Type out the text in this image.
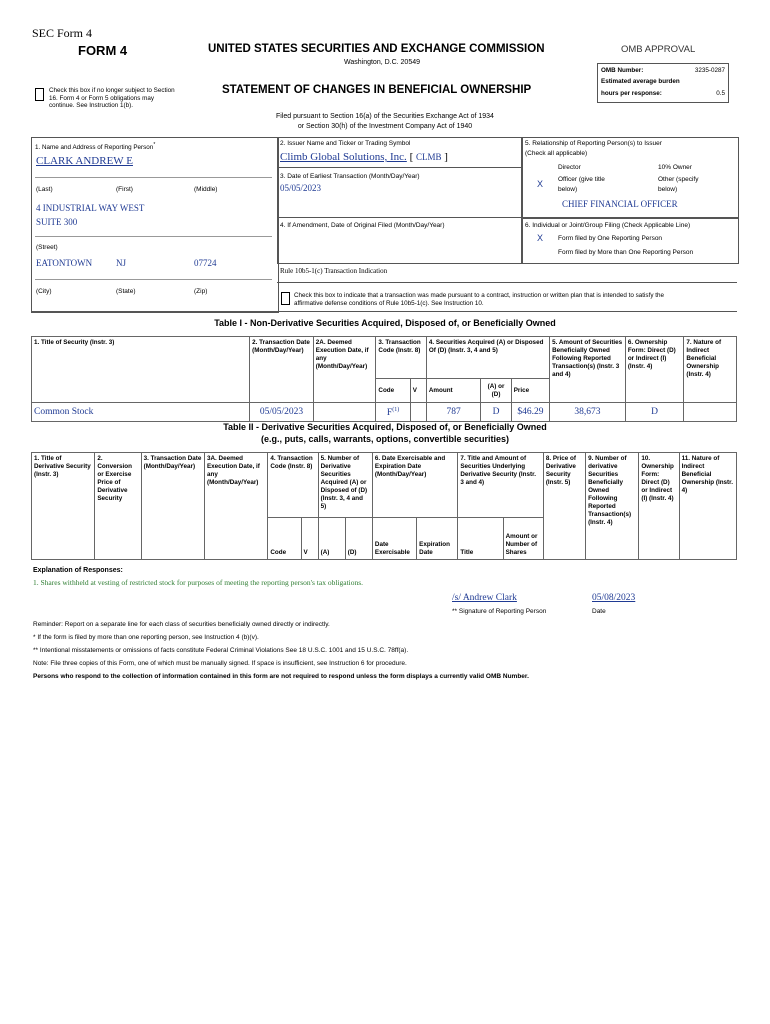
SEC Form 4
FORM 4	UNITED STATES SECURITIES AND EXCHANGE COMMISSION
Washington, D.C. 20549
OMB APPROVAL
OMB Number:	3235-0287
Estimated average burden
hours per response:	0.5
Check this box if no longer subject to Section 16. Form 4 or Form 5 obligations may continue. See Instruction 1(b).
STATEMENT OF CHANGES IN BENEFICIAL OWNERSHIP
Filed pursuant to Section 16(a) of the Securities Exchange Act of 1934
or Section 30(h) of the Investment Company Act of 1940
1. Name and Address of Reporting Person*
CLARK ANDREW E
(Last)	(First)	(Middle)
4 INDUSTRIAL WAY WEST
SUITE 300
(Street)
EATONTOWN	NJ	07724
(City)	(State)	(Zip)
2. Issuer Name and Ticker or Trading Symbol
Climb Global Solutions, Inc. [ CLMB ]
3. Date of Earliest Transaction (Month/Day/Year)
05/05/2023
4. If Amendment, Date of Original Filed (Month/Day/Year)
5. Relationship of Reporting Person(s) to Issuer
(Check all applicable)
Director	10% Owner
X Officer (give title
below)
Other (specify
below)
CHIEF FINANCIAL OFFICER
6. Individual or Joint/Group Filing (Check Applicable Line)
X Form filed by One Reporting Person
Form filed by More than One Reporting Person
Rule 10b5-1(c) Transaction Indication
Check this box to indicate that a transaction was made pursuant to a contract, instruction or written plan that is intended to satisfy the
affirmative defense conditions of Rule 10b5-1(c). See Instruction 10.
Table I - Non-Derivative Securities Acquired, Disposed of, or Beneficially Owned
1. Title of Security (Instr. 3)	2. Transaction Date (Month/Day/Year)	2A. Deemed Execution Date, if any (Month/Day/Year)	3. Transaction Code (Instr. 8)		4. Securities Acquired (A) or Disposed Of (D) (Instr. 3, 4 and 5)			5. Amount of Securities Beneficially Owned Following Reported Transaction(s) (Instr. 3 and 4)	6. Ownership Form: Direct (D) or Indirect (I) (Instr. 4)	7. Nature of Indirect Beneficial Ownership (Instr. 4)
			Code	V	Amount	(A) or (D)	Price			
Common Stock	05/05/2023		$F^{(1)}$		787	D	$46.29	38,673	D	
Table II - Derivative Securities Acquired, Disposed of, or Beneficially Owned
(e.g., puts, calls, warrants, options, convertible securities)
1. Title of Derivative Security (Instr. 3)	2. Conversion or Exercise Price of Derivative Security	3. Transaction Date (Month/Day/Year)	3A. Deemed Execution Date, if any (Month/Day/Year)	4. Transaction Code (Instr. 8)		5. Number of Derivative Securities Acquired (A) or Disposed of (D) (Instr. 3, 4 and 5)		6. Date Exercisable and Expiration Date (Month/Day/Year)		7. Title and Amount of Securities Underlying Derivative Security (Instr. 3 and 4)		8. Price of Derivative Security (Instr. 5)	9. Number of derivative Securities Beneficially Owned Following Reported Transaction(s) (Instr. 4)	10. Ownership Form: Direct (D) or Indirect (I) (Instr. 4)	11. Nature of Indirect Beneficial Ownership (Instr. 4)
				Code	V	(A)	(D)	Date Exercisable	Expiration Date	Title	Amount or Number of Shares				
Explanation of Responses:
1. Shares withheld at vesting of restricted stock for purposes of meeting the reporting person's tax obligations.
/s/ Andrew Clark	05/08/2023
** Signature of Reporting Person	Date
Reminder: Report on a separate line for each class of securities beneficially owned directly or indirectly.
* If the form is filed by more than one reporting person, see Instruction 4 (b)(v).
** Intentional misstatements or omissions of facts constitute Federal Criminal Violations See 18 U.S.C. 1001 and 15 U.S.C. 78ff(a).
Note: File three copies of this Form, one of which must be manually signed. If space is insufficient, see Instruction 6 for procedure.
Persons who respond to the collection of information contained in this form are not required to respond unless the form displays a currently valid OMB Number.
